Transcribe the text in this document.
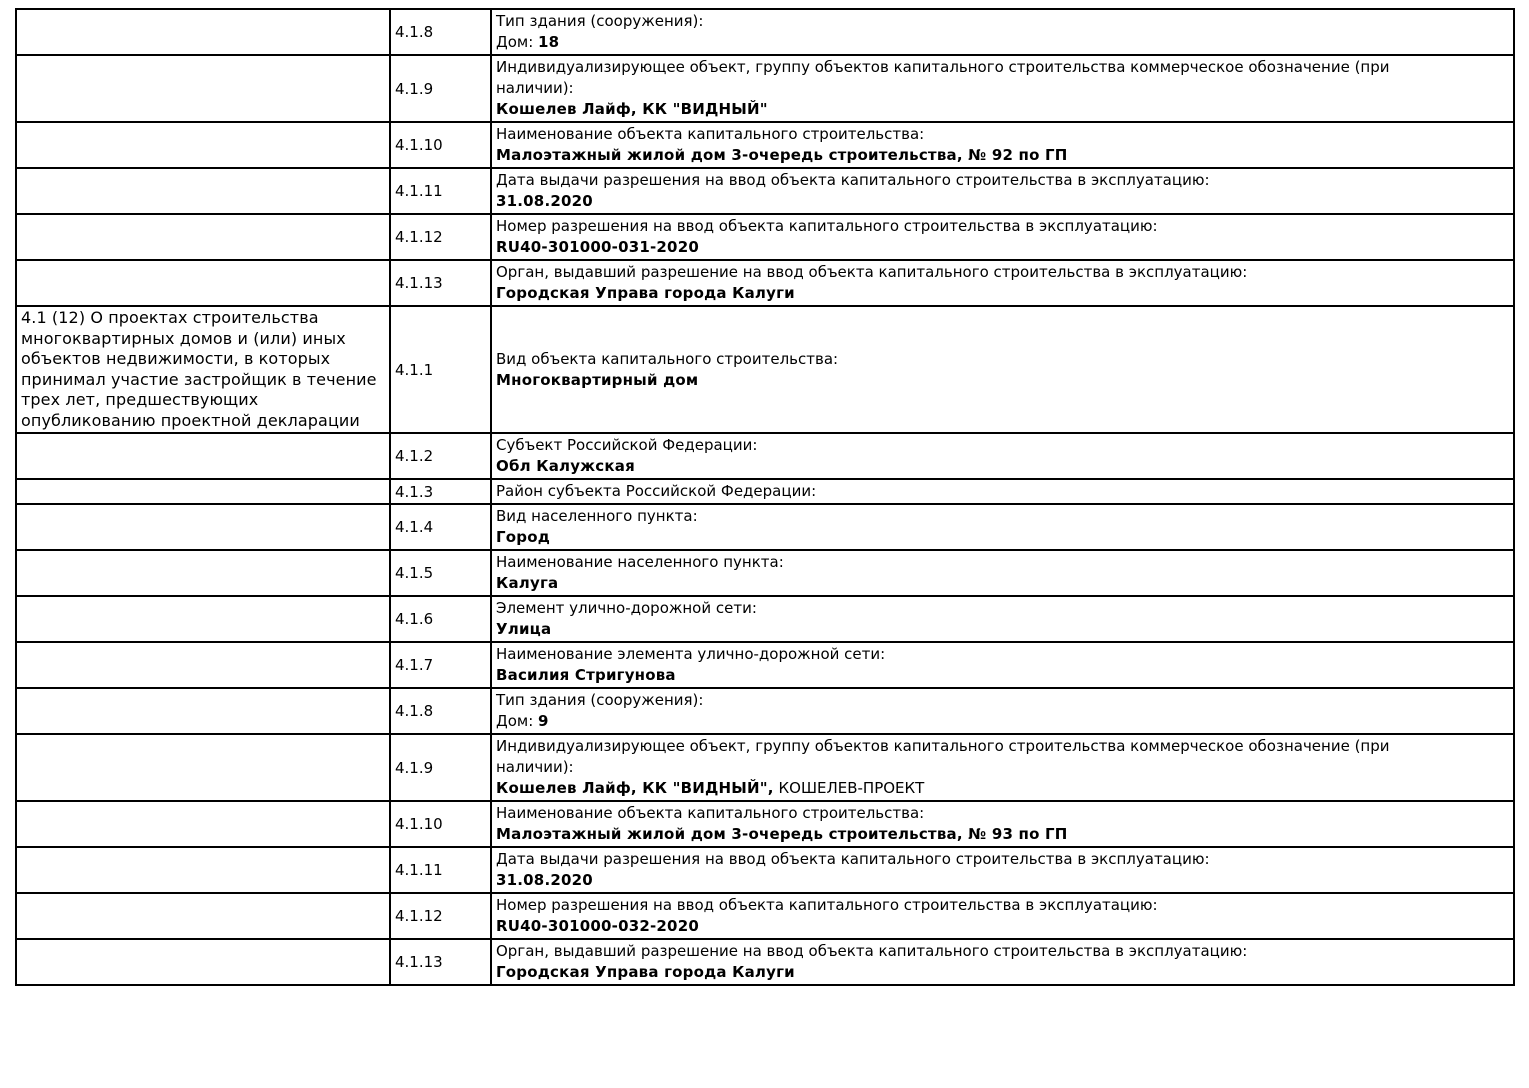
	4.1.8	Тип здания (сооружения):
Дом: 18

	4.1.9	Индивидуализирующее объект, группу объектов капитального строительства коммерческое обозначение (при наличии):
Кошелев Лайф, КК "ВИДНЫЙ"

	4.1.10	Наименование объекта капитального строительства:
Малоэтажный жилой дом 3-очередь строительства, № 92 по ГП

	4.1.11	Дата выдачи разрешения на ввод объекта капитального строительства в эксплуатацию:
31.08.2020

	4.1.12	Номер разрешения на ввод объекта капитального строительства в эксплуатацию:
RU40-301000-031-2020

	4.1.13	Орган, выдавший разрешение на ввод объекта капитального строительства в эксплуатацию:
Городская Управа города Калуги

4.1 (12) О проектах строительства многоквартирных домов и (или) иных объектов недвижимости, в которых принимал участие застройщик в течение трех лет, предшествующих опубликованию проектной декларации	4.1.1	Вид объекта капитального строительства:
Многоквартирный дом

	4.1.2	Субъект Российской Федерации:
Обл Калужская

	4.1.3	Район субъекта Российской Федерации:

	4.1.4	Вид населенного пункта:
Город

	4.1.5	Наименование населенного пункта:
Калуга

	4.1.6	Элемент улично-дорожной сети:
Улица

	4.1.7	Наименование элемента улично-дорожной сети:
Василия Стригунова

	4.1.8	Тип здания (сооружения):
Дом: 9

	4.1.9	Индивидуализирующее объект, группу объектов капитального строительства коммерческое обозначение (при наличии):
Кошелев Лайф, КК "ВИДНЫЙ", КОШЕЛЕВ-ПРОЕКТ

	4.1.10	Наименование объекта капитального строительства:
Малоэтажный жилой дом 3-очередь строительства, № 93 по ГП

	4.1.11	Дата выдачи разрешения на ввод объекта капитального строительства в эксплуатацию:
31.08.2020

	4.1.12	Номер разрешения на ввод объекта капитального строительства в эксплуатацию:
RU40-301000-032-2020

	4.1.13	Орган, выдавший разрешение на ввод объекта капитального строительства в эксплуатацию:
Городская Управа города Калуги
